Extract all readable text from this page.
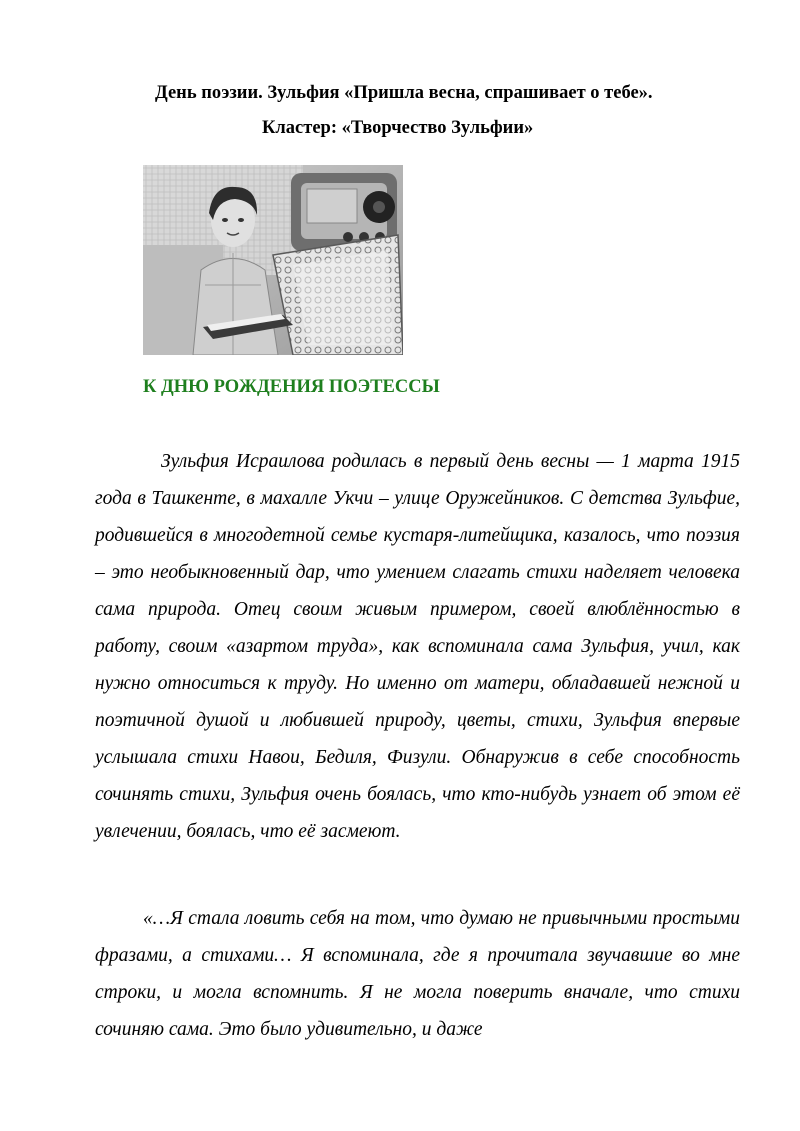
День поэзии. Зульфия «Пришла весна, спрашивает о тебе».
Кластер: «Творчество Зульфии»
К ДНЮ РОЖДЕНИЯ ПОЭТЕССЫ

Зульфия Исраилова родилась в первый день весны — 1 марта 1915 года в Ташкенте, в махалле Укчи – улице Оружейников. С детства Зульфие, родившейся в многодетной семье кустаря-литейщика, казалось, что поэзия – это необыкновенный дар, что умением слагать стихи наделяет человека сама природа. Отец своим живым примером, своей влюблённостью в работу, своим «азартом труда», как вспоминала сама Зульфия, учил, как нужно относиться к труду. Но именно от матери, обладавшей нежной и поэтичной душой и любившей природу, цветы, стихи, Зульфия впервые услышала стихи Навои, Бедиля, Физули. Обнаружив в себе способность сочинять стихи, Зульфия очень боялась, что кто-нибудь узнает об этом её увлечении, боялась, что её засмеют.

«…Я стала ловить себя на том, что думаю не привычными простыми фразами, а стихами… Я вспоминала, где я прочитала звучавшие во мне строки, и могла вспомнить. Я не могла поверить вначале, что стихи сочиняю сама. Это было удивительно, и даже
